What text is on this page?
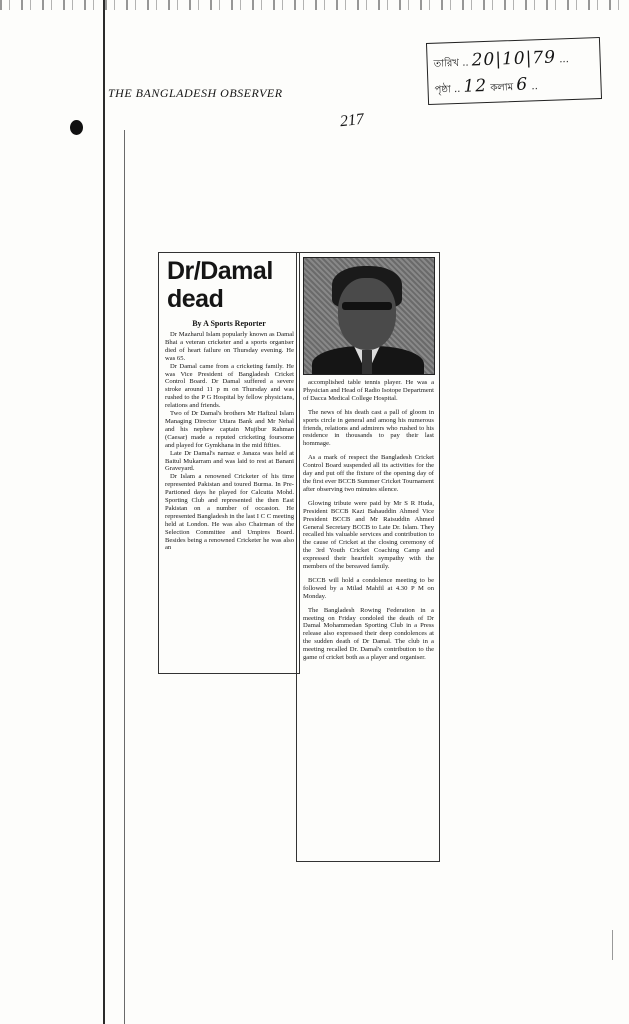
THE BANGLADESH OBSERVER
তারিখ .. 20|10|79 ...
পৃষ্ঠা .. 12 কলাম 6 ..
217
Dr/Damal
dead
By A Sports Reporter

Dr Mazharul Islam popularly known as Damal Bhai a veteran cricketer and a sports organiser died of heart failure on Thursday evening. He was 65.

Dr Damal came from a cricketing family. He was Vice President of Bangladesh Cricket Control Board. Dr Damal suffered a severe stroke around 11 p m on Thursday and was rushed to the P G Hospital by fellow physicians, relations and friends.

Two of Dr Damal's brothers Mr Hafizul Islam Managing Director Uttara Bank and Mr Nehal and his nephew captain Mujibur Rahman (Caesar) made a reputed cricketing foursome and played for Gymkhana in the mid fifties.

Late Dr Damal's namaz e Janaza was held at Baitul Mukarram and was laid to rest at Banani Graveyard.

Dr Islam a renowned Cricketer of his time represented Pakistan and toured Burma. In Pre-Partioned days he played for Calcutta Mohd. Sporting Club and represented the then East Pakistan on a number of occasion. He represented Bangladesh in the last I C C meeting held at London. He was also Chairman of the Selection Committee and Umpires Board. Besides being a renowned Cricketer he was also an

accomplished table tennis player. He was a Physician and Head of Radio Isotope Department of Dacca Medical College Hospital.

The news of his death cast a pall of gloom in sports circle in general and among his numerous friends, relations and admirers who rushed to his residence in thousands to pay their last hommage.

As a mark of respect the Bangladesh Cricket Control Board suspended all its activities for the day and put off the fixture of the opening day of the first ever BCCB Summer Cricket Tournament after observing two minutes silence.

Glowing tribute were paid by Mr S R Huda, President BCCB Kazi Bahauddin Ahmed Vice President BCCB and Mr Raisuddin Ahmed General Secretary BCCB to Late Dr. Islam. They recalled his valuable services and contribution to the cause of Cricket at the closing ceremony of the 3rd Youth Cricket Coaching Camp and expressed their heartfelt sympathy with the members of the bereaved family.

BCCB will hold a condolence meeting to be followed by a Milad Mahfil at 4.30 P M on Monday.

The Bangladesh Rowing Federation in a meeting on Friday condoled the death of Dr Damal Mohammedan Sporting Club in a Press release also expressed their deep condolences at the sudden death of Dr Damal. The club in a meeting recalled Dr. Damal's contribution to the game of cricket both as a player and organiser.
